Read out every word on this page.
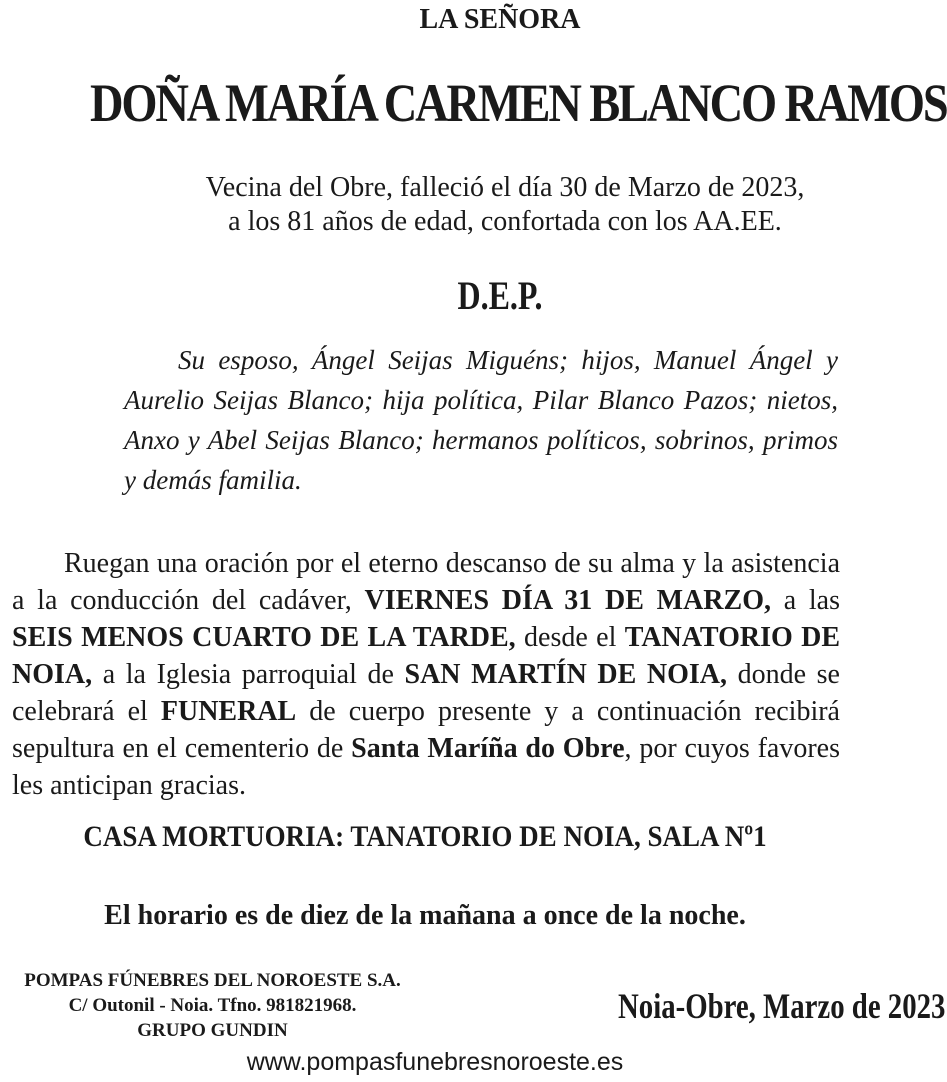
LA SEÑORA
DOÑA MARÍA CARMEN BLANCO RAMOS
Vecina del Obre, falleció el día 30 de Marzo de 2023,
a los 81 años de edad, confortada con los AA.EE.
D.E.P.
Su esposo, Ángel Seijas Miguéns; hijos, Manuel Ángel y Aurelio Seijas Blanco; hija política, Pilar Blanco Pazos; nietos, Anxo y Abel Seijas Blanco; hermanos políticos, sobrinos, primos y demás familia.

Ruegan una oración por el eterno descanso de su alma y la asistencia a la conducción del cadáver, VIERNES DÍA 31 DE MARZO, a las SEIS MENOS CUARTO DE LA TARDE, desde el TANATORIO DE NOIA, a la Iglesia parroquial de SAN MARTÍN DE NOIA, donde se celebrará el FUNERAL de cuerpo presente y a continuación recibirá sepultura en el cementerio de Santa Maríña do Obre, por cuyos favores les anticipan gracias.

CASA MORTUORIA: TANATORIO DE NOIA, SALA Nº1
El horario es de diez de la mañana a once de la noche.
POMPAS FÚNEBRES DEL NOROESTE S.A.
C/ Outonil - Noia. Tfno. 981821968.
GRUPO GUNDIN
Noia-Obre, Marzo de 2023
www.pompasfunebresnoroeste.es
